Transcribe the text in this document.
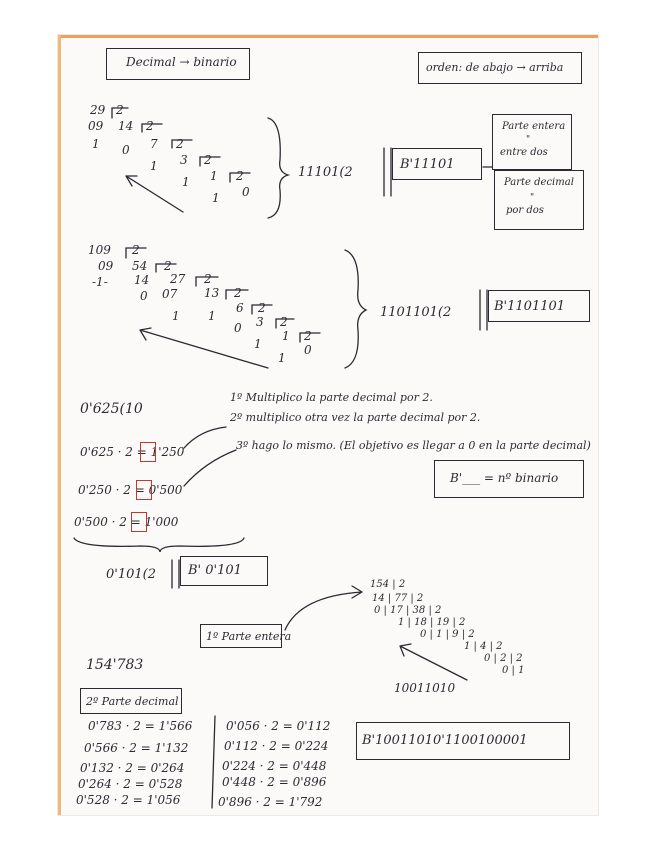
Decimal → binario	orden: de abajo → arriba
Parte entera
"
entre dos
Parte decimal
"
por dos
29 2
09 14 2
1 0 7 2
1 3 2
1 1 2
1 0
11101(2
B'11101
109 2
09 54 2
-1- 14 27 2
0 07 13 2
1 1
6 2
0 3 2
1
1 2
1
0
1101101(2	B'1101101
0'625(10
1º Multiplico la parte decimal por 2.
2º multiplico otra vez la parte decimal por 2.
3º hago lo mismo. (El objetivo es llegar a 0 en la parte decimal)
0'625 · 2 = 1'250
0'250 · 2 = 0'500
0'500 · 2 = 1'000
B'___ = nº binario
0'101(2 B' 0'101
1º Parte entera
154'783
2º Parte decimal
154 | 2
14 | 77 | 2
0 | 17 | 38 | 2
1 | 18 | 19 | 2
0 | 1 | 9 | 2
1 | 4 | 2
0 | 2 | 2
0 | 1
10011010
0'783 · 2 = 1'566
0'566 · 2 = 1'132
0'132 · 2 = 0'264
0'264 · 2 = 0'528
0'528 · 2 = 1'056
0'056 · 2 = 0'112
0'112 · 2 = 0'224
0'224 · 2 = 0'448
0'448 · 2 = 0'896
0'896 · 2 = 1'792
B'10011010'1100100001
